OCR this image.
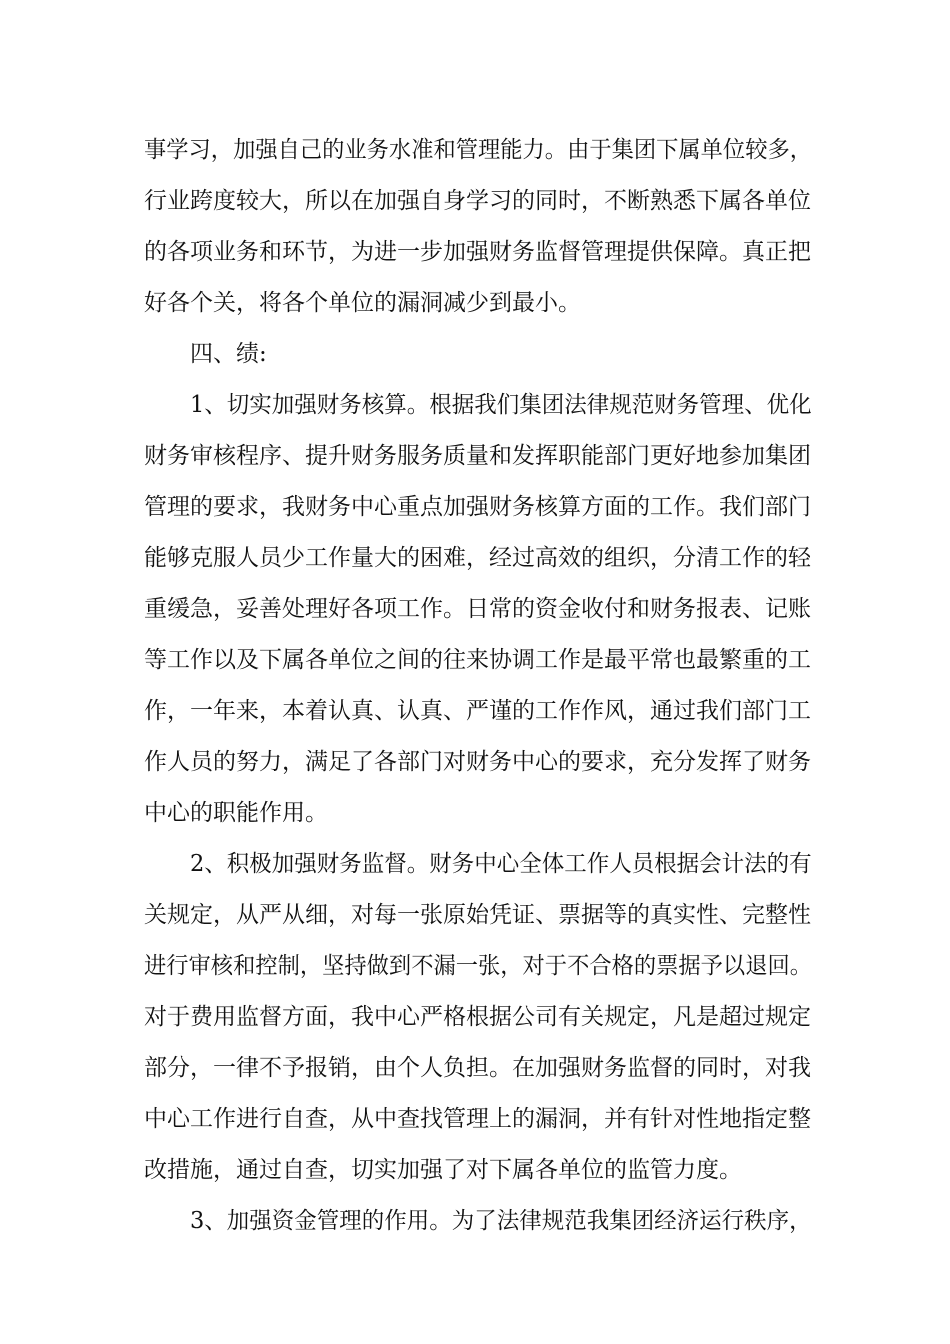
事学习，加强自己的业务水准和管理能力。由于集团下属单位较多，
行业跨度较大，所以在加强自身学习的同时，不断熟悉下属各单位
的各项业务和环节，为进一步加强财务监督管理提供保障。真正把
好各个关，将各个单位的漏洞减少到最小。
四、绩:
1、切实加强财务核算。根据我们集团法律规范财务管理、优化
财务审核程序、提升财务服务质量和发挥职能部门更好地参加集团
管理的要求，我财务中心重点加强财务核算方面的工作。我们部门
能够克服人员少工作量大的困难，经过高效的组织，分清工作的轻
重缓急，妥善处理好各项工作。日常的资金收付和财务报表、记账
等工作以及下属各单位之间的往来协调工作是最平常也最繁重的工
作，一年来，本着认真、认真、严谨的工作作风，通过我们部门工
作人员的努力，满足了各部门对财务中心的要求，充分发挥了财务
中心的职能作用。
2、积极加强财务监督。财务中心全体工作人员根据会计法的有
关规定，从严从细，对每一张原始凭证、票据等的真实性、完整性
进行审核和控制，坚持做到不漏一张，对于不合格的票据予以退回。
对于费用监督方面，我中心严格根据公司有关规定，凡是超过规定
部分，一律不予报销，由个人负担。在加强财务监督的同时，对我
中心工作进行自查，从中查找管理上的漏洞，并有针对性地指定整
改措施，通过自查，切实加强了对下属各单位的监管力度。
3、加强资金管理的作用。为了法律规范我集团经济运行秩序，
